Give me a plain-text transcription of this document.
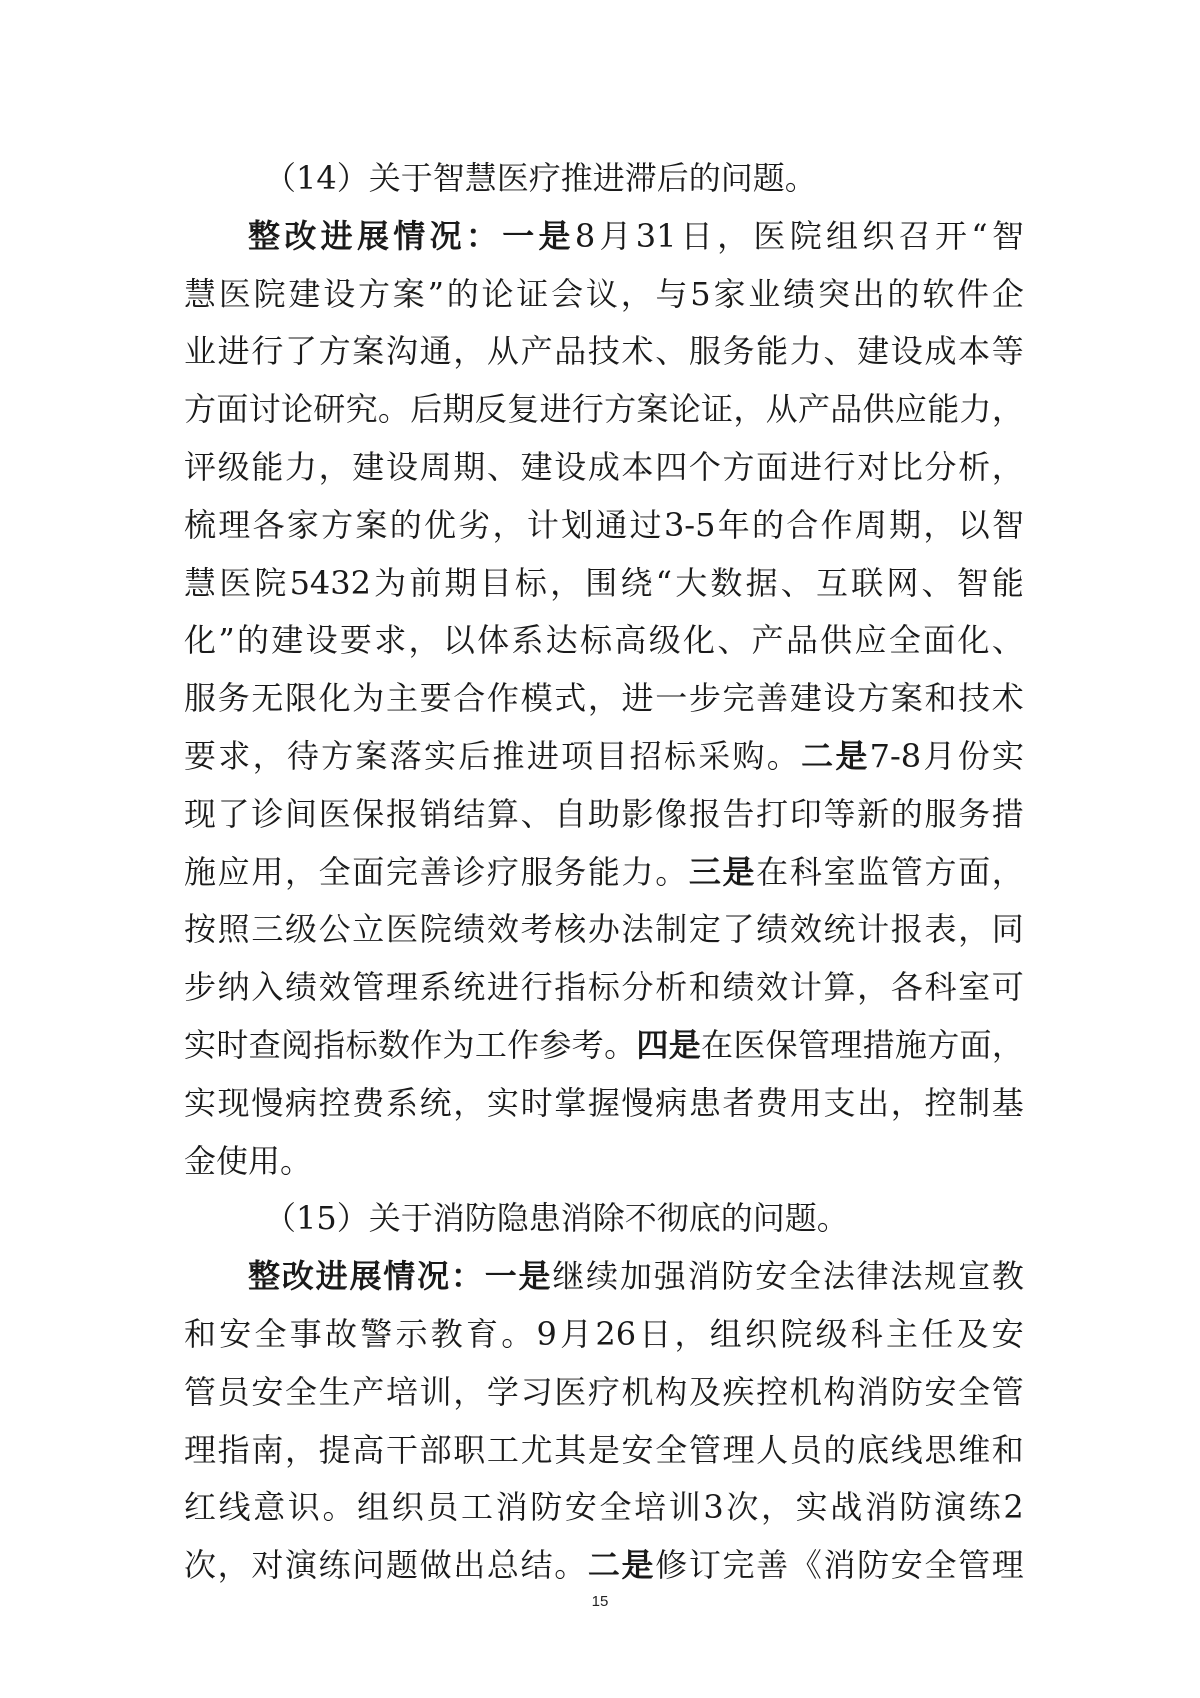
（14）关于智慧医疗推进滞后的问题。
整 改 进 展 情 况 ： 一 是 8 月 31 日 ， 医 院 组 织 召 开 “ 智
慧 医 院 建 设 方 案 ” 的 论 证 会 议 ， 与 5 家 业 绩 突 出 的 软 件 企
业 进 行 了 方 案 沟 通 ， 从 产 品 技 术 、 服 务 能 力 、 建 设 成 本 等
方 面 讨 论 研 究 。 后 期 反 复 进 行 方 案 论 证 ， 从 产 品 供 应 能 力 ，
评 级 能 力 ， 建 设 周 期 、 建 设 成 本 四 个 方 面 进 行 对 比 分 析 ，
梳 理 各 家 方 案 的 优 劣 ， 计 划 通 过 3-5 年 的 合 作 周 期 ， 以 智
慧 医 院 5432 为 前 期 目 标 ， 围 绕 “ 大 数 据 、 互 联 网 、 智 能
化 ” 的 建 设 要 求 ， 以 体 系 达 标 高 级 化 、 产 品 供 应 全 面 化 、
服 务 无 限 化 为 主 要 合 作 模 式 ， 进 一 步 完 善 建 设 方 案 和 技 术
要 求 ， 待 方 案 落 实 后 推 进 项 目 招 标 采 购 。 二 是 7-8 月 份 实
现 了 诊 间 医 保 报 销 结 算 、 自 助 影 像 报 告 打 印 等 新 的 服 务 措
施 应 用 ， 全 面 完 善 诊 疗 服 务 能 力 。 三 是 在 科 室 监 管 方 面 ，
按 照 三 级 公 立 医 院 绩 效 考 核 办 法 制 定 了 绩 效 统 计 报 表 ， 同
步 纳 入 绩 效 管 理 系 统 进 行 指 标 分 析 和 绩 效 计 算 ， 各 科 室 可
实 时 查 阅 指 标 数 作 为 工 作 参 考 。 四 是 在 医 保 管 理 措 施 方 面 ，
实 现 慢 病 控 费 系 统 ， 实 时 掌 握 慢 病 患 者 费 用 支 出 ， 控 制 基
金使用。
（15）关于消防隐患消除不彻底的问题。
整 改 进 展 情 况 ： 一 是 继 续 加 强 消 防 安 全 法 律 法 规 宣 教
和 安 全 事 故 警 示 教 育 。 9 月 26 日 ， 组 织 院 级 科 主 任 及 安
管 员 安 全 生 产 培 训 ， 学 习 医 疗 机 构 及 疾 控 机 构 消 防 安 全 管
理 指 南 ， 提 高 干 部 职 工 尤 其 是 安 全 管 理 人 员 的 底 线 思 维 和
红 线 意 识 。 组 织 员 工 消 防 安 全 培 训 3 次 ， 实 战 消 防 演 练 2
次 ， 对 演 练 问 题 做 出 总 结 。 二 是 修 订 完 善 《 消 防 安 全 管 理
15
